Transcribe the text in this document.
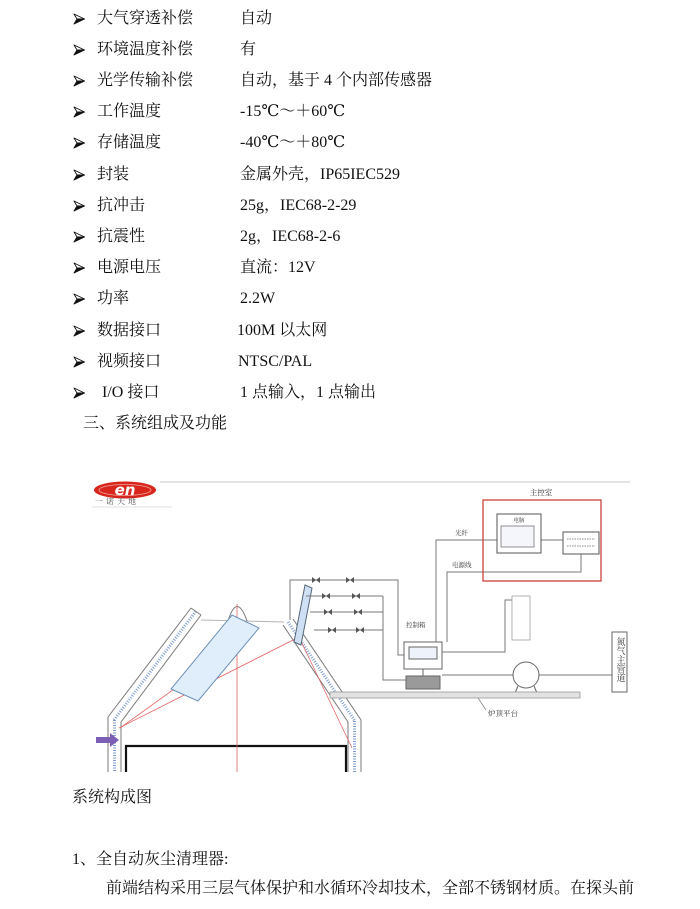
大气穿透补偿	自动
环境温度补偿	有
光学传输补偿	自动，基于 4 个内部传感器
工作温度	-15℃～＋60℃
存储温度	-40℃～＋80℃
封装	金属外壳，IP65IEC529
抗冲击	25g，IEC68-2-29
抗震性	2g，IEC68-2-6
电源电压	直流：12V
功率	2.2W
数据接口	100M 以太网
视频接口	NTSC/PAL
I/O 接口	1 点输入，1 点输出
三、系统组成及功能
en
一诺天地
控制箱
光纤
电源线
主控室
电脑
氮气主管道
炉顶平台
系统构成图
1、全自动灰尘清理器:
前端结构采用三层气体保护和水循环冷却技术，全部不锈钢材质。在探头前
